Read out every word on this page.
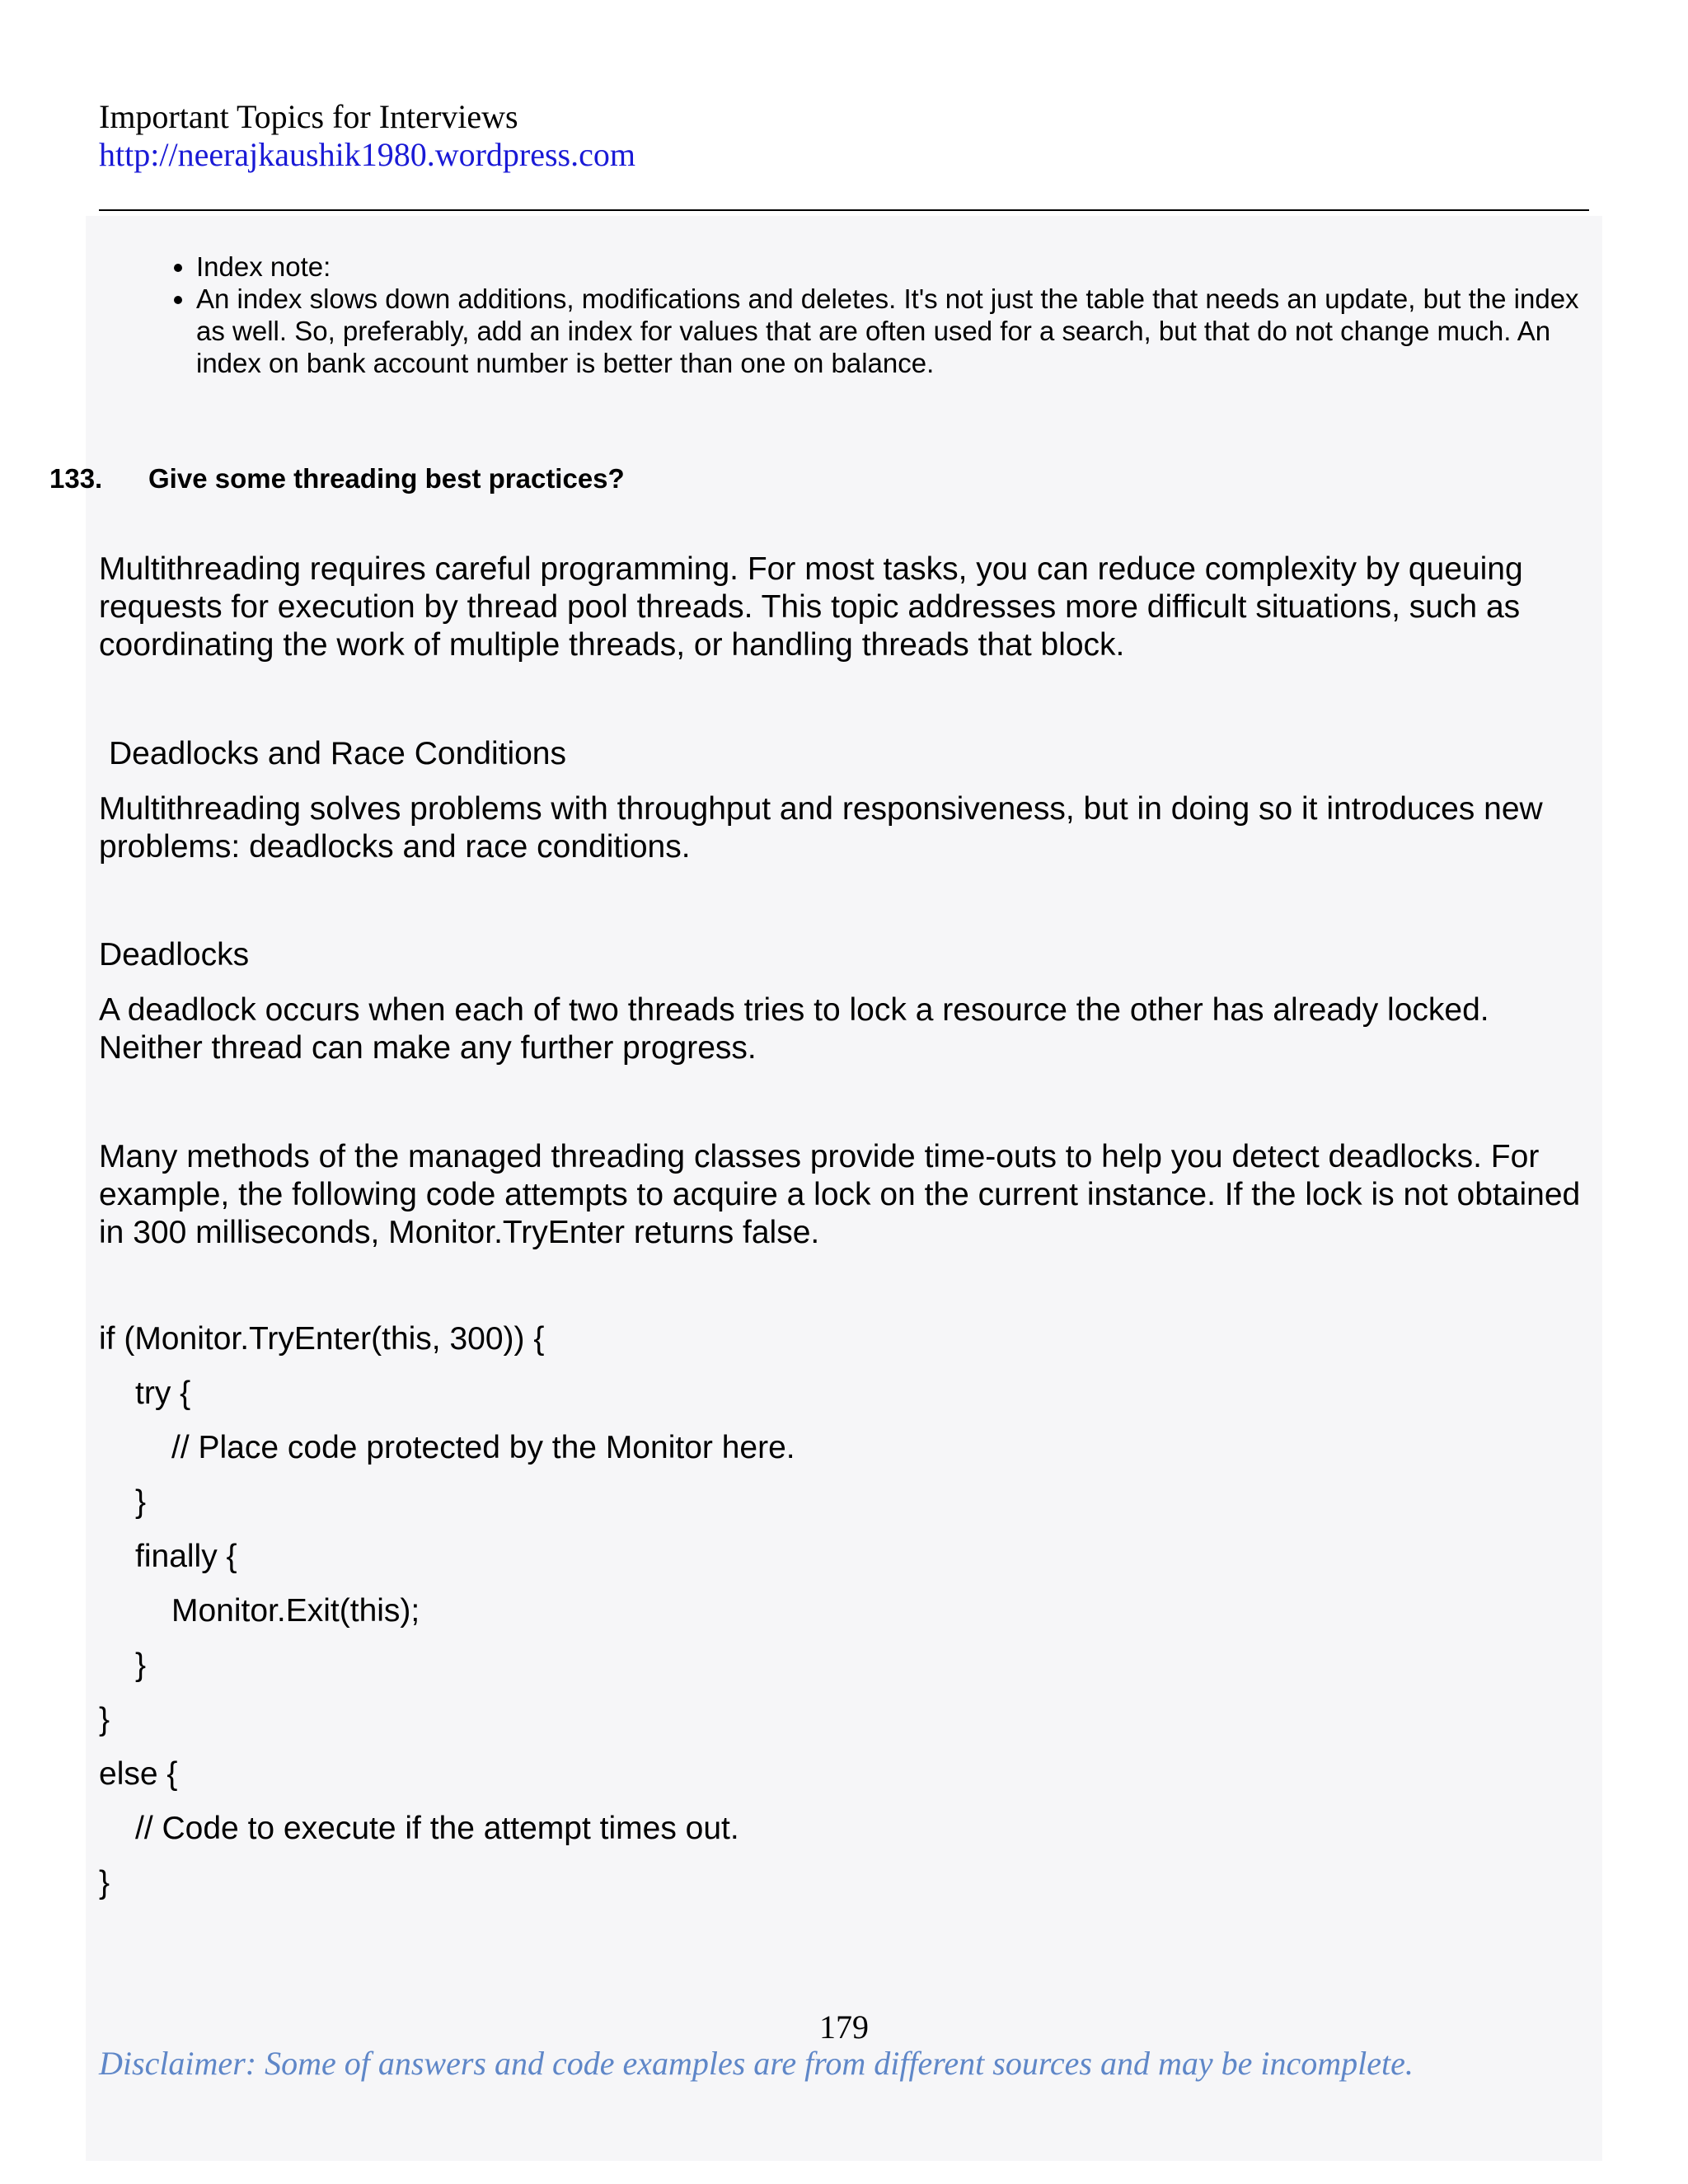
Important Topics for Interviews
http://neerajkaushik1980.wordpress.com
• Index note:
• An index slows down additions, modifications and deletes. It's not just the table that needs an update, but the index as well. So, preferably, add an index for values that are often used for a search, but that do not change much. An index on bank account number is better than one on balance.
133. Give some threading best practices?

Multithreading requires careful programming. For most tasks, you can reduce complexity by queuing requests for execution by thread pool threads. This topic addresses more difficult situations, such as coordinating the work of multiple threads, or handling threads that block.

Deadlocks and Race Conditions

Multithreading solves problems with throughput and responsiveness, but in doing so it introduces new problems: deadlocks and race conditions.

Deadlocks

A deadlock occurs when each of two threads tries to lock a resource the other has already locked. Neither thread can make any further progress.

Many methods of the managed threading classes provide time-outs to help you detect deadlocks. For example, the following code attempts to acquire a lock on the current instance. If the lock is not obtained in 300 milliseconds, Monitor.TryEnter returns false.

if (Monitor.TryEnter(this, 300)) {
try {
// Place code protected by the Monitor here.
}
finally {
Monitor.Exit(this);
}
}
else {
// Code to execute if the attempt times out.
}
179
Disclaimer: Some of answers and code examples are from different sources and may be incomplete.
